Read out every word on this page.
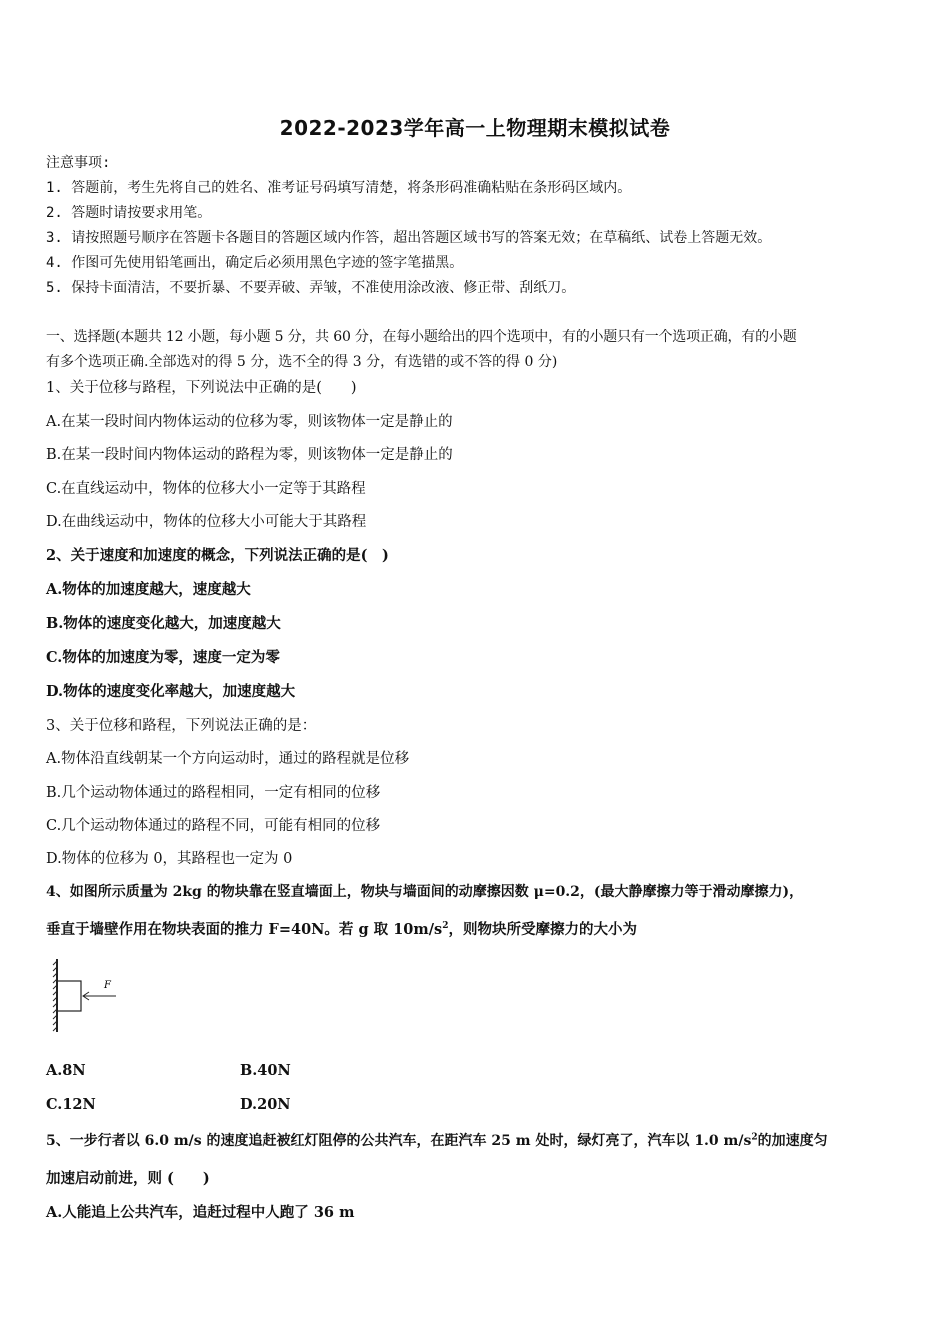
2022-2023学年高一上物理期末模拟试卷
注意事项:
1. 答题前，考生先将自己的姓名、准考证号码填写清楚，将条形码准确粘贴在条形码区域内。
2. 答题时请按要求用笔。
3. 请按照题号顺序在答题卡各题目的答题区域内作答，超出答题区域书写的答案无效；在草稿纸、试卷上答题无效。
4. 作图可先使用铅笔画出，确定后必须用黑色字迹的签字笔描黑。
5. 保持卡面清洁，不要折暴、不要弄破、弄皱，不准使用涂改液、修正带、刮纸刀。
一、选择题(本题共 12 小题，每小题 5 分，共 60 分，在每小题给出的四个选项中，有的小题只有一个选项正确，有的小题
有多个选项正确.全部选对的得 5 分，选不全的得 3 分，有选错的或不答的得 0 分)
1、关于位移与路程，下列说法中正确的是(　　)
A.在某一段时间内物体运动的位移为零，则该物体一定是静止的
B.在某一段时间内物体运动的路程为零，则该物体一定是静止的
C.在直线运动中，物体的位移大小一定等于其路程
D.在曲线运动中，物体的位移大小可能大于其路程
2、关于速度和加速度的概念，下列说法正确的是(　)
A.物体的加速度越大，速度越大
B.物体的速度变化越大，加速度越大
C.物体的加速度为零，速度一定为零
D.物体的速度变化率越大，加速度越大
3、关于位移和路程，下列说法正确的是：
A.物体沿直线朝某一个方向运动时，通过的路程就是位移
B.几个运动物体通过的路程相同，一定有相同的位移
C.几个运动物体通过的路程不同，可能有相同的位移
D.物体的位移为 0，其路程也一定为 0
4、如图所示质量为 2kg 的物块靠在竖直墙面上，物块与墙面间的动摩擦因数 μ=0.2，(最大静摩擦力等于滑动摩擦力)，
垂直于墙壁作用在物块表面的推力 F=40N。若 g 取 $10m/s^2$，则物块所受摩擦力的大小为
F
A.8N	B.40N
C.12N	D.20N
5、一步行者以 6.0 m/s 的速度追赶被红灯阻停的公共汽车，在距汽车 25 m 处时，绿灯亮了，汽车以 1.0 $m/s^2$的加速度匀
加速启动前进，则 (　　)
A.人能追上公共汽车，追赶过程中人跑了 36 m
